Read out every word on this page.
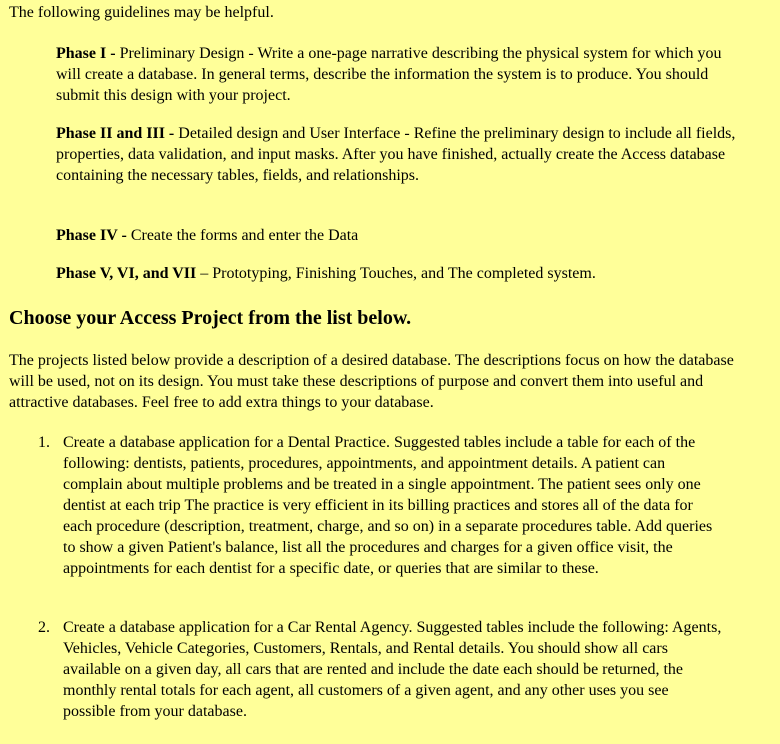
The following guidelines may be helpful.

Phase I - Preliminary Design - Write a one-page narrative describing the physical system for which you will create a database. In general terms, describe the information the system is to produce. You should submit this design with your project.

Phase II and III - Detailed design and User Interface - Refine the preliminary design to include all fields, properties, data validation, and input masks. After you have finished, actually create the Access database containing the necessary tables, fields, and relationships.

Phase IV - Create the forms and enter the Data

Phase V, VI, and VII – Prototyping, Finishing Touches, and The completed system.

Choose your Access Project from the list below.

The projects listed below provide a description of a desired database. The descriptions focus on how the database will be used, not on its design. You must take these descriptions of purpose and convert them into useful and attractive databases. Feel free to add extra things to your database.

1. Create a database application for a Dental Practice. Suggested tables include a table for each of the following: dentists, patients, procedures, appointments, and appointment details. A patient can complain about multiple problems and be treated in a single appointment. The patient sees only one dentist at each trip The practice is very efficient in its billing practices and stores all of the data for each procedure (description, treatment, charge, and so on) in a separate procedures table. Add queries to show a given Patient's balance, list all the procedures and charges for a given office visit, the appointments for each dentist for a specific date, or queries that are similar to these.
2. Create a database application for a Car Rental Agency. Suggested tables include the following: Agents, Vehicles, Vehicle Categories, Customers, Rentals, and Rental details. You should show all cars available on a given day, all cars that are rented and include the date each should be returned, the monthly rental totals for each agent, all customers of a given agent, and any other uses you see possible from your database.
